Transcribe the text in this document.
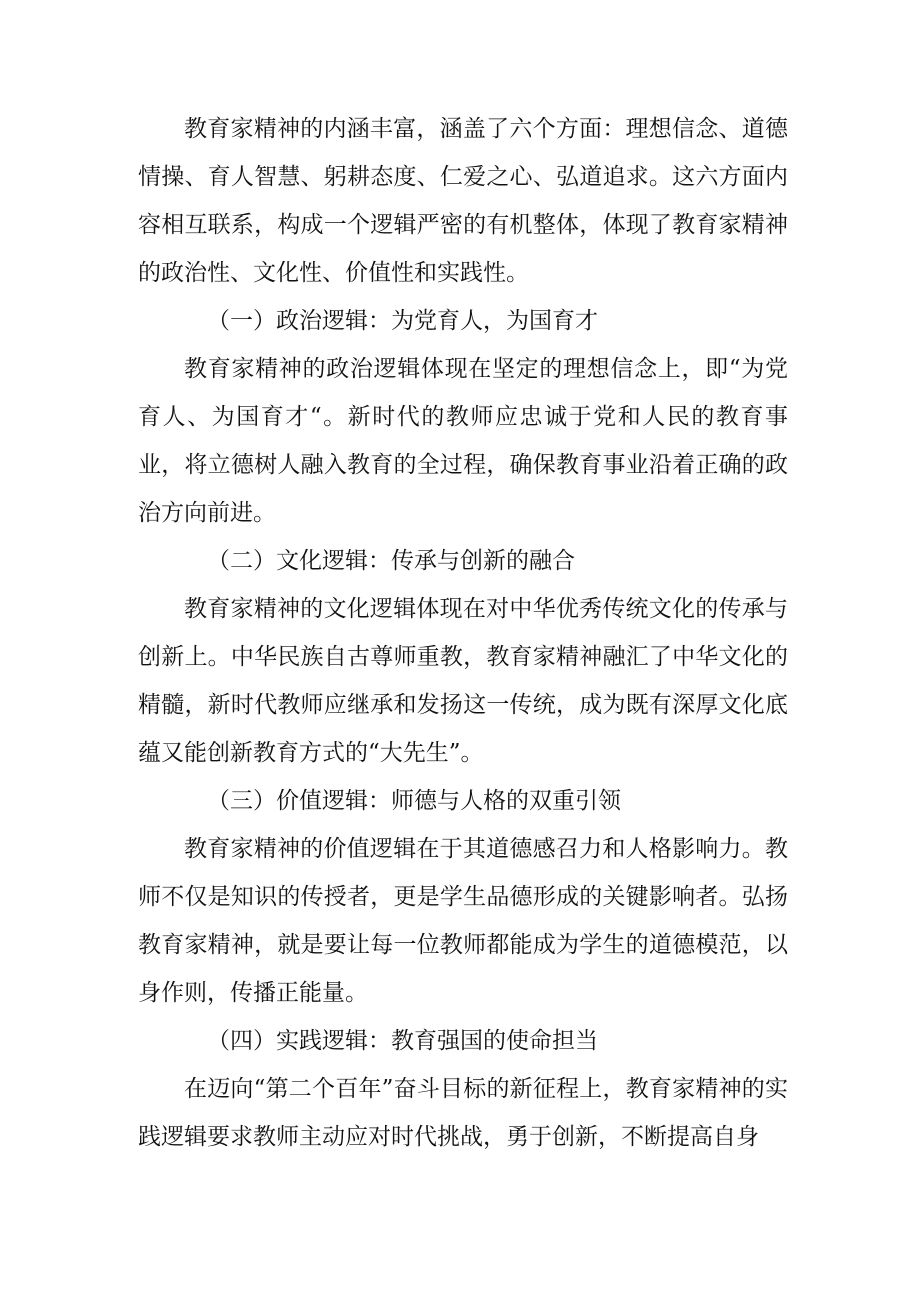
教育家精神的内涵丰富，涵盖了六个方面：理想信念、道德情操、育人智慧、躬耕态度、仁爱之心、弘道追求。这六方面内容相互联系，构成一个逻辑严密的有机整体，体现了教育家精神的政治性、文化性、价值性和实践性。

（一）政治逻辑：为党育人，为国育才

教育家精神的政治逻辑体现在坚定的理想信念上，即“为党育人、为国育才“。新时代的教师应忠诚于党和人民的教育事业，将立德树人融入教育的全过程，确保教育事业沿着正确的政治方向前进。

（二）文化逻辑：传承与创新的融合

教育家精神的文化逻辑体现在对中华优秀传统文化的传承与创新上。中华民族自古尊师重教，教育家精神融汇了中华文化的精髓，新时代教师应继承和发扬这一传统，成为既有深厚文化底蕴又能创新教育方式的“大先生”。

（三）价值逻辑：师德与人格的双重引领

教育家精神的价值逻辑在于其道德感召力和人格影响力。教师不仅是知识的传授者，更是学生品德形成的关键影响者。弘扬教育家精神，就是要让每一位教师都能成为学生的道德模范，以身作则，传播正能量。

（四）实践逻辑：教育强国的使命担当

在迈向“第二个百年”奋斗目标的新征程上，教育家精神的实践逻辑要求教师主动应对时代挑战，勇于创新，不断提高自身
